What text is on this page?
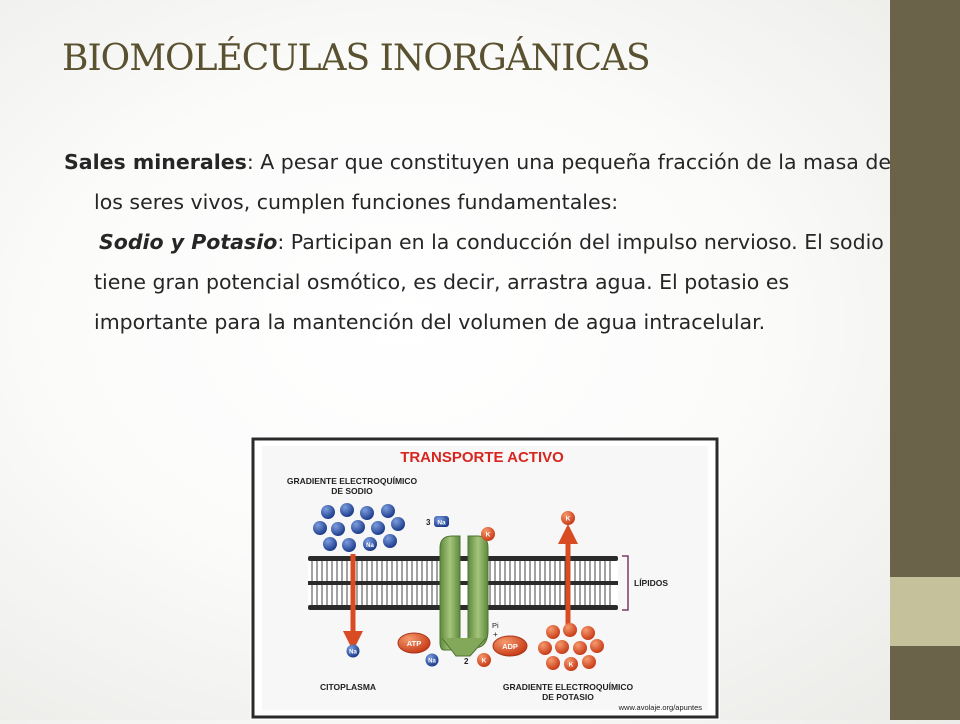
BIOMOLÉCULAS INORGÁNICAS

Sales minerales: A pesar que constituyen una pequeña fracción de la masa de los seres vivos, cumplen funciones fundamentales:

Sodio y Potasio: Participan en la conducción del impulso nervioso. El sodio tiene gran potencial osmótico, es decir, arrastra agua. El potasio es importante para la mantención del volumen de agua intracelular.

TRANSPORTE ACTIVO
GRADIENTE ELECTROQUÍMICO
DE SODIO
Na
3 Na
LÍPIDOS
K
Na
K
ATP	ADP
Pi
+
Na	2 K
K
CITOPLASMA	GRADIENTE ELECTROQUÍMICO
DE POTASIO
www.avolaje.org/apuntes
